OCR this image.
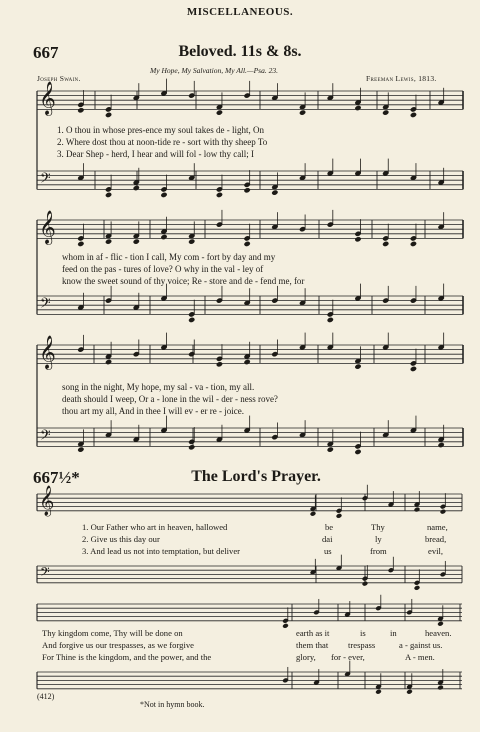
MISCELLANEOUS.
667	Beloved. 11s & 8s.
Joseph Swain.
My Hope, My Salvation, My All.—Psa. 23.
Freeman Lewis, 1813.
𝄞
𝄢
𝄞
𝄢
𝄞
𝄢
𝄞
𝄢
1. O thou in whose pres-ence my soul takes de - light, On
2. Where dost thou at noon-tide re - sort with thy sheep To
3. Dear Shep - herd, I hear and will fol - low thy call; I
whom in af - flic - tion I call, My com - fort by day and my
feed on the pas - tures of love? O why in the val - ley of
know the sweet sound of thy voice; Re - store and de - fend me, for
song in the night, My hope, my sal - va - tion, my all.
death should I weep, Or a - lone in the wil - der - ness rove?
thou art my all, And in thee I will ev - er re - joice.
667½*	The Lord's Prayer.
1. Our Father who art in heaven, hallowed
2. Give us this day our
3. And lead us not into temptation, but deliver
be	Thy	name,
dai	ly	bread,
us	from	evil,
Thy kingdom come, Thy will be done on
And forgive us our trespasses, as we forgive
For Thine is the kingdom, and the power, and the
earth as it	is	in	heaven.
them that trespass	a - gainst us.
glory, for - ever,	A - men.
(412)
*Not in hymn book.
